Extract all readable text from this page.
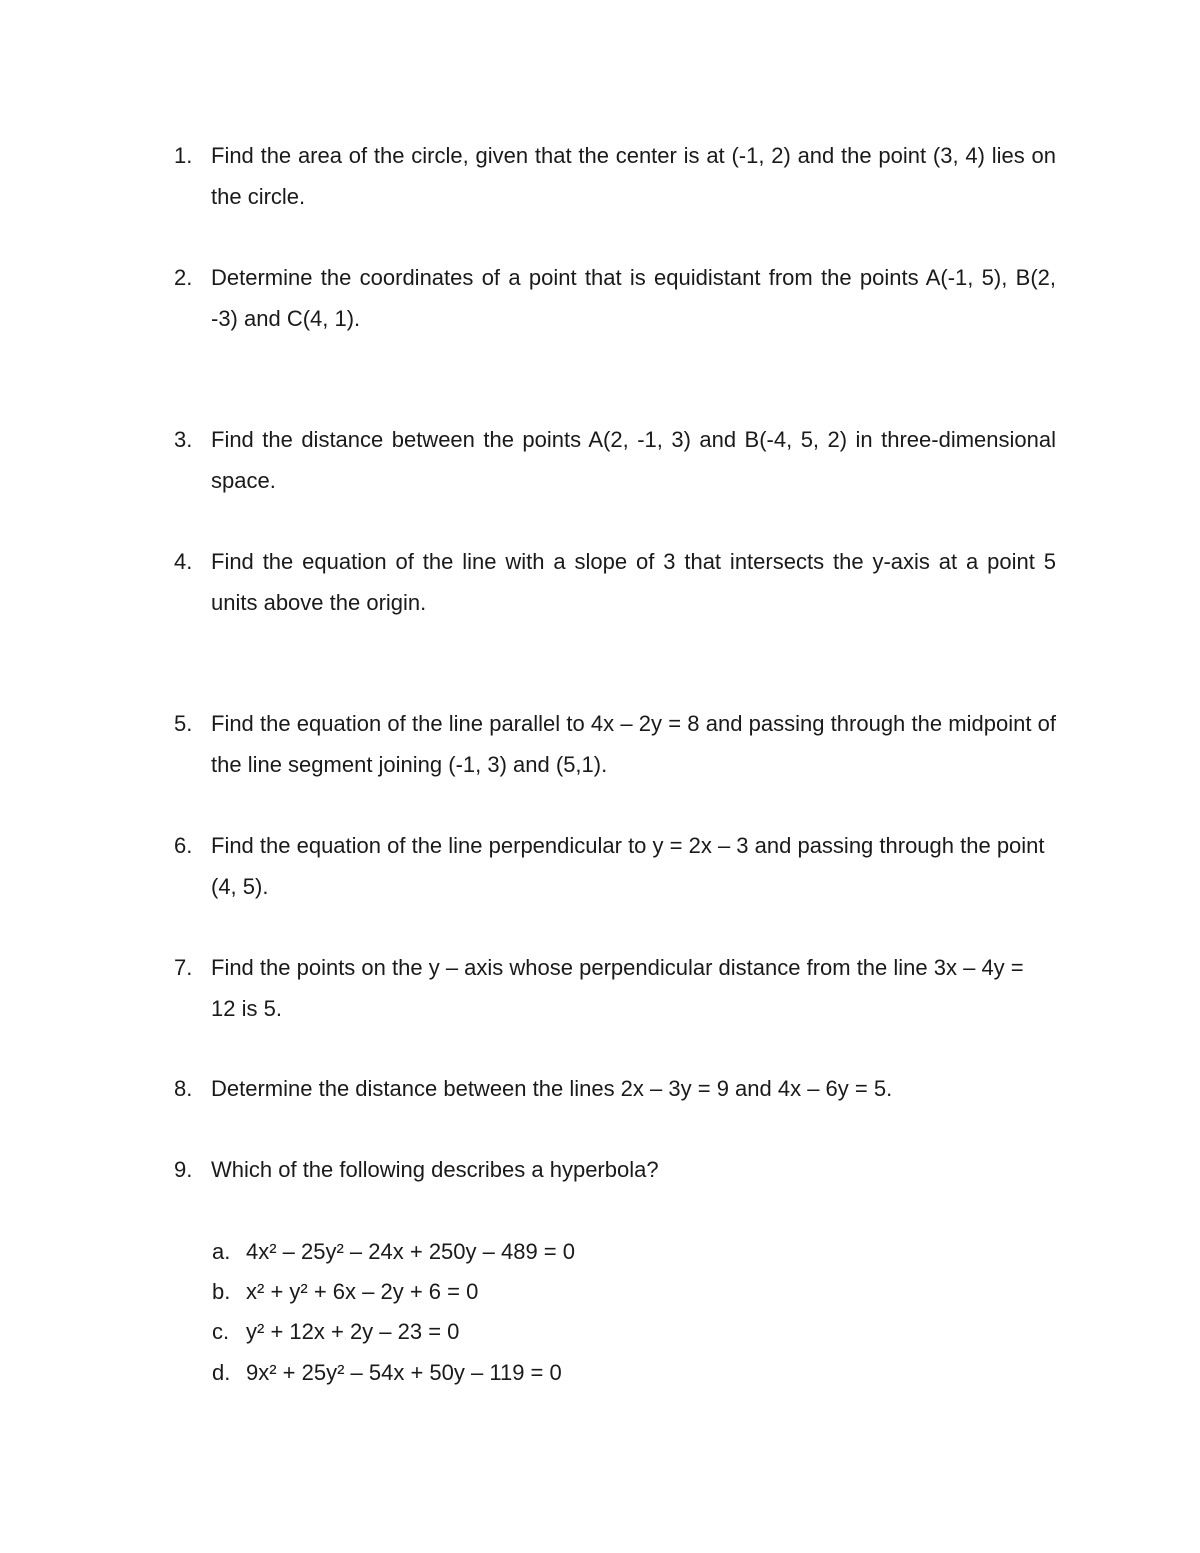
1. Find the area of the circle, given that the center is at (-1, 2) and the point (3, 4) lies on the circle.

2. Determine the coordinates of a point that is equidistant from the points A(-1, 5), B(2, -3) and C(4, 1).

3. Find the distance between the points A(2, -1, 3) and B(-4, 5, 2) in three-dimensional space.

4. Find the equation of the line with a slope of 3 that intersects the y-axis at a point 5 units above the origin.

5. Find the equation of the line parallel to 4x – 2y = 8 and passing through the midpoint of the line segment joining (-1, 3) and (5,1).

6. Find the equation of the line perpendicular to y = 2x – 3 and passing through the point (4, 5).

7. Find the points on the y – axis whose perpendicular distance from the line 3x – 4y = 12 is 5.

8. Determine the distance between the lines 2x – 3y = 9 and 4x – 6y = 5.

9. Which of the following describes a hyperbola?

a. 4x² – 25y² – 24x + 250y – 489 = 0

b. x² + y² + 6x – 2y + 6 = 0

c. y² + 12x + 2y – 23 = 0

d. 9x² + 25y² – 54x + 50y – 119 = 0
